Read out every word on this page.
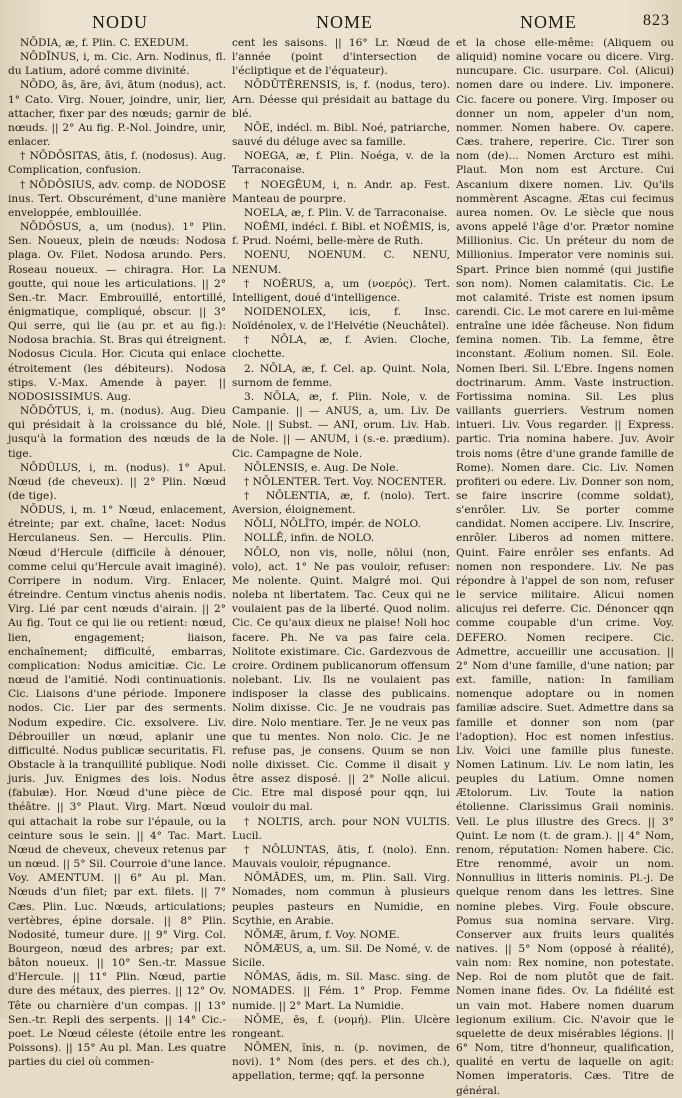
NODU	NOME	NOME	823

NŌDIA, æ, f. Plin. C. EXEDUM.

NŌDĪNUS, i, m. Cic. Arn. Nodinus, fl. du Latium, adoré comme divinité.

NŌDO, ās, āre, āvi, ātum (nodus), act. 1° Cato. Virg. Nouer, joindre, unir, lier, attacher, fixer par des nœuds; garnir de nœuds. || 2° Au fig. P.-Nol. Joindre, unir, enlacer.

† NŌDŌSITAS, ātis, f. (nodosus). Aug. Complication, confusion.

† NŌDŌSIUS, adv. comp. de NODOSE inus. Tert. Obscurément, d'une manière enveloppée, emblouillée.

NŌDŌSUS, a, um (nodus). 1° Plin. Sen. Noueux, plein de nœuds: Nodosa plaga. Ov. Filet. Nodosa arundo. Pers. Roseau noueux. — chiragra. Hor. La goutte, qui noue les articulations. || 2° Sen.-tr. Macr. Embrouillé, entortillé, énigmatique, compliqué, obscur. || 3° Qui serre, qui lie (au pr. et au fig.): Nodosa brachia. St. Bras qui étreignent. Nodosus Cicula. Hor. Cicuta qui enlace étroitement (les débiteurs). Nodosa stips. V.-Max. Amende à payer. || NODOSISSIMUS. Aug.

NŌDŌTUS, i, m. (nodus). Aug. Dieu qui présidait à la croissance du blé, jusqu'à la formation des nœuds de la tige.

NŌDŬLUS, i, m. (nodus). 1° Apul. Nœud (de cheveux). || 2° Plin. Nœud (de tige).

NŌDUS, i, m. 1° Nœud, enlacement, étreinte; par ext. chaîne, lacet: Nodus Herculaneus. Sen. — Herculis. Plin. Nœud d'Hercule (difficile à dénouer, comme celui qu'Hercule avait imaginé). Corripere in nodum. Virg. Enlacer, étreindre. Centum vinctus ahenis nodis. Virg. Lié par cent nœuds d'airain. || 2° Au fig. Tout ce qui lie ou retient: nœud, lien, engagement; liaison, enchaînement; difficulté, embarras, complication: Nodus amicitiæ. Cic. Le nœud de l'amitié. Nodi continuationis. Cic. Liaisons d'une période. Imponere nodos. Cic. Lier par des serments. Nodum expedire. Cic. exsolvere. Liv. Débrouiller un nœud, aplanir une difficulté. Nodus publicæ securitatis. Fl. Obstacle à la tranquillité publique. Nodi juris. Juv. Enigmes des lois. Nodus (fabulæ). Hor. Nœud d'une pièce de théâtre. || 3° Plaut. Virg. Mart. Nœud qui attachait la robe sur l'épaule, ou la ceinture sous le sein. || 4° Tac. Mart. Nœud de cheveux, cheveux retenus par un nœud. || 5° Sil. Courroie d'une lance. Voy. AMENTUM. || 6° Au pl. Man. Nœuds d'un filet; par ext. filets. || 7° Cæs. Plin. Luc. Nœuds, articulations; vertèbres, épine dorsale. || 8° Plin. Nodosité, tumeur dure. || 9° Virg. Col. Bourgeon, nœud des arbres; par ext. bâton noueux. || 10° Sen.-tr. Massue d'Hercule. || 11° Plin. Nœud, partie dure des métaux, des pierres. || 12° Ov. Tête ou charnière d'un compas. || 13° Sen.-tr. Repli des serpents. || 14° Cic.-poet. Le Nœud céleste (étoile entre les Poissons). || 15° Au pl. Man. Les quatre parties du ciel où commen-

cent les saisons. || 16° Lr. Nœud de l'année (point d'intersection de l'écliptique et de l'équateur).

NŌDŪTĒRENSIS, is, f. (nodus, tero). Arn. Déesse qui présidait au battage du blé.

NŌE, indécl. m. Bibl. Noé, patriarche, sauvé du déluge avec sa famille.

NOEGA, æ, f. Plin. Noéga, v. de la Tarraconaise.

† NOEGĒUM, i, n. Andr. ap. Fest. Manteau de pourpre.

NOELA, æ, f. Plin. V. de Tarraconaise.

NOĒMI, indécl. f. Bibl. et NOĒMIS, is, f. Prud. Noémi, belle-mère de Ruth.

NOENU, NOENUM. C. NENU, NENUM.

† NOĒRUS, a, um (νοερός). Tert. Intelligent, doué d'intelligence.

NOIDENOLEX, icis, f. Insc. Noïdénolex, v. de l'Helvétie (Neuchâtel).

† NŌLA, æ, f. Avien. Cloche, clochette.

2. NŌLA, æ, f. Cel. ap. Quint. Nola, surnom de femme.

3. NŌLA, æ, f. Plin. Nole, v. de Campanie. || — ANUS, a, um. Liv. De Nole. || Subst. — ANI, orum. Liv. Hab. de Nole. || — ANUM, i (s.-e. prædium). Cic. Campagne de Nole.

NŌLENSIS, e. Aug. De Nole.

† NŌLENTER. Tert. Voy. NOCENTER.

† NŌLENTIA, æ, f. (nolo). Tert. Aversion, éloignement.

NŌLI, NŌLĪTO, impér. de NOLO.

NOLLĒ, infin. de NOLO.

NŌLO, non vis, nolle, nōlui (non, volo), act. 1° Ne pas vouloir, refuser: Me nolente. Quint. Malgré moi. Qui noleba nt libertatem. Tac. Ceux qui ne voulaient pas de la liberté. Quod nolim. Cic. Ce qu'aux dieux ne plaise! Noli hoc facere. Ph. Ne va pas faire cela. Nolitote existimare. Cic. Gardezvous de croire. Ordinem publicanorum offensum nolebant. Liv. Ils ne voulaient pas indisposer la classe des publicains. Nolim dixisse. Cic. Je ne voudrais pas dire. Nolo mentiare. Ter. Je ne veux pas que tu mentes. Non nolo. Cic. Je ne refuse pas, je consens. Quum se non nolle dixisset. Cic. Comme il disait y être assez disposé. || 2° Nolle alicui. Cic. Etre mal disposé pour qqn, lui vouloir du mal.

† NOLTIS, arch. pour NON VULTIS. Lucil.

† NŌLUNTAS, ātis, f. (nolo). Enn. Mauvais vouloir, répugnance.

NŌMĀDES, um, m. Plin. Sall. Virg. Nomades, nom commun à plusieurs peuples pasteurs en Numidie, en Scythie, en Arabie.

NŌMÆ, ārum, f. Voy. NOME.

NŌMÆUS, a, um. Sil. De Nomé, v. de Sicile.

NŌMAS, ădis, m. Sil. Masc. sing. de NOMADES. || Fém. 1° Prop. Femme numide. || 2° Mart. La Numidie.

NŌME, ēs, f. (νομή). Plin. Ulcère rongeant.

NŌMEN, ĭnis, n. (p. novimen, de novi). 1° Nom (des pers. et des ch.), appellation, terme; qqf. la personne

et la chose elle-même: (Aliquem ou aliquid) nomine vocare ou dicere. Virg. nuncupare. Cic. usurpare. Col. (Alicui) nomen dare ou indere. Liv. imponere. Cic. facere ou ponere. Virg. Imposer ou donner un nom, appeler d'un nom, nommer. Nomen habere. Ov. capere. Cæs. trahere, reperire. Cic. Tirer son nom (de)... Nomen Arcturo est mihi. Plaut. Mon nom est Arcture. Cui Ascanium dixere nomen. Liv. Qu'ils nommèrent Ascagne. Ætas cui fecimus aurea nomen. Ov. Le siècle que nous avons appelé l'âge d'or. Prætor nomine Millionius. Cic. Un préteur du nom de Millionius. Imperator vere nominis sui. Spart. Prince bien nommé (qui justifie son nom). Nomen calamitatis. Cic. Le mot calamité. Triste est nomen ipsum carendi. Cic. Le mot carere en lui-même entraîne une idée fâcheuse. Non fidum femina nomen. Tib. La femme, être inconstant. Æolium nomen. Sil. Eole. Nomen Iberi. Sil. L'Ebre. Ingens nomen doctrinarum. Amm. Vaste instruction. Fortissima nomina. Sil. Les plus vaillants guerriers. Vestrum nomen intueri. Liv. Vous regarder. || Express. partic. Tria nomina habere. Juv. Avoir trois noms (être d'une grande famille de Rome). Nomen dare. Cic. Liv. Nomen profiteri ou edere. Liv. Donner son nom, se faire inscrire (comme soldat), s'enrôler. Liv. Se porter comme candidat. Nomen accipere. Liv. Inscrire, enrôler. Liberos ad nomen mittere. Quint. Faire enrôler ses enfants. Ad nomen non respondere. Liv. Ne pas répondre à l'appel de son nom, refuser le service militaire. Alicui nomen alicujus rei deferre. Cic. Dénoncer qqn comme coupable d'un crime. Voy. DEFERO. Nomen recipere. Cic. Admettre, accueillir une accusation. || 2° Nom d'une famille, d'une nation; par ext. famille, nation: In familiam nomenque adoptare ou in nomen familiæ adscire. Suet. Admettre dans sa famille et donner son nom (par l'adoption). Hoc est nomen infestius. Liv. Voici une famille plus funeste. Nomen Latinum. Liv. Le nom latin, les peuples du Latium. Omne nomen Ætolorum. Liv. Toute la nation étolienne. Clarissimus Graii nominis. Vell. Le plus illustre des Grecs. || 3° Quint. Le nom (t. de gram.). || 4° Nom, renom, réputation: Nomen habere. Cic. Etre renommé, avoir un nom. Nonnullius in litteris nominis. Pl.-j. De quelque renom dans les lettres. Sine nomine plebes. Virg. Foule obscure. Pomus sua nomina servare. Virg. Conserver aux fruits leurs qualités natives. || 5° Nom (opposé à réalité), vain nom: Rex nomine, non potestate. Nep. Roi de nom plutôt que de fait. Nomen inane fides. Ov. La fidélité est un vain mot. Habere nomen duarum legionum exilium. Cic. N'avoir que le squelette de deux misérables légions. || 6° Nom, titre d'honneur, qualification, qualité en vertu de laquelle on agit: Nomen imperatoris. Cæs. Titre de général.
